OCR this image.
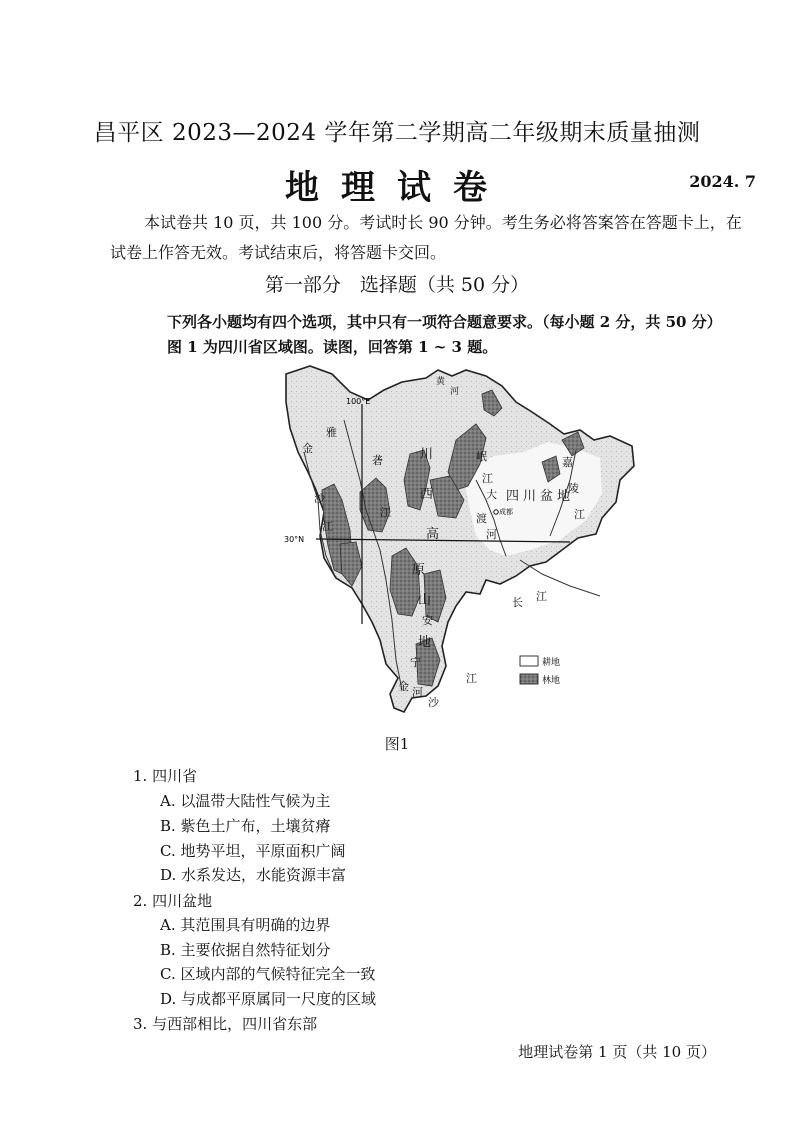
昌平区 2023—2024 学年第二学期高二年级期末质量抽测
地理试卷	2024. 7
本试卷共 10 页，共 100 分。考试时长 90 分钟。考生务必将答案答在答题卡上，在
试卷上作答无效。考试结束后，将答题卡交回。
第一部分　选择题（共 50 分）
下列各小题均有四个选项，其中只有一项符合题意要求。（每小题 2 分，共 50 分）
图 1 为四川省区域图。读图，回答第 1 ~ 3 题。
100°E
30°N
成都
雅
砻
江
金
沙
江
川
西
高
原
山
地
岷
江
大
渡
河
四川盆地
嘉
陵
江
长 江
黄
河
安
宁
河
金
沙
江
耕地
林地
图1
1. 四川省
A. 以温带大陆性气候为主
B. 紫色土广布，土壤贫瘠
C. 地势平坦，平原面积广阔
D. 水系发达，水能资源丰富
2. 四川盆地
A. 其范围具有明确的边界
B. 主要依据自然特征划分
C. 区域内部的气候特征完全一致
D. 与成都平原属同一尺度的区域
3. 与西部相比，四川省东部
地理试卷第 1 页（共 10 页）
